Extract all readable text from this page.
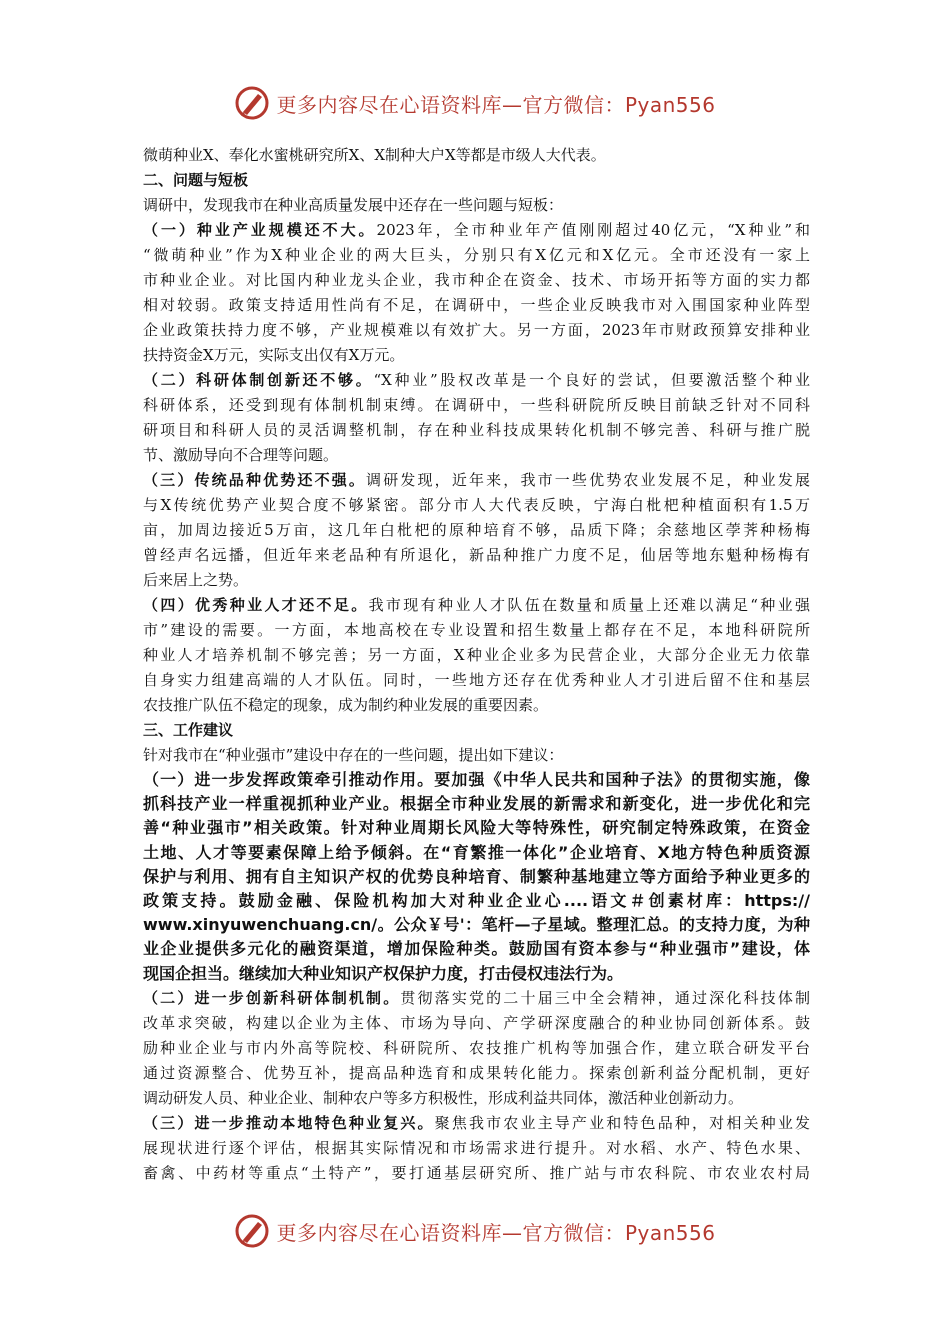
更多内容尽在心语资料库—官方微信：Pyan556
微萌种业X、奉化水蜜桃研究所X、X制种大户X等都是市级人大代表。
二、问题与短板
调研中，发现我市在种业高质量发展中还存在一些问题与短板：
（一）种业产业规模还不大。2023年，全市种业年产值刚刚超过40亿元，“X种业”和
“微萌种业”作为X种业企业的两大巨头，分别只有X亿元和X亿元。全市还没有一家上
市种业企业。对比国内种业龙头企业，我市种企在资金、技术、市场开拓等方面的实力都
相对较弱。政策支持适用性尚有不足，在调研中，一些企业反映我市对入围国家种业阵型
企业政策扶持力度不够，产业规模难以有效扩大。另一方面，2023年市财政预算安排种业
扶持资金X万元，实际支出仅有X万元。
（二）科研体制创新还不够。“X种业”股权改革是一个良好的尝试，但要激活整个种业
科研体系，还受到现有体制机制束缚。在调研中，一些科研院所反映目前缺乏针对不同科
研项目和科研人员的灵活调整机制，存在种业科技成果转化机制不够完善、科研与推广脱
节、激励导向不合理等问题。
（三）传统品种优势还不强。调研发现，近年来，我市一些优势农业发展不足，种业发展
与X传统优势产业契合度不够紧密。部分市人大代表反映，宁海白枇杷种植面积有1.5万
亩，加周边接近5万亩，这几年白枇杷的原种培育不够，品质下降；余慈地区荸荠种杨梅
曾经声名远播，但近年来老品种有所退化，新品种推广力度不足，仙居等地东魁种杨梅有
后来居上之势。
（四）优秀种业人才还不足。我市现有种业人才队伍在数量和质量上还难以满足“种业强
市”建设的需要。一方面，本地高校在专业设置和招生数量上都存在不足，本地科研院所
种业人才培养机制不够完善；另一方面，X种业企业多为民营企业，大部分企业无力依靠
自身实力组建高端的人才队伍。同时，一些地方还存在优秀种业人才引进后留不住和基层
农技推广队伍不稳定的现象，成为制约种业发展的重要因素。
三、工作建议
针对我市在“种业强市”建设中存在的一些问题，提出如下建议：
（一）进一步发挥政策牵引推动作用。要加强《中华人民共和国种子法》的贯彻实施，像
抓科技产业一样重视抓种业产业。根据全市种业发展的新需求和新变化，进一步优化和完
善“种业强市”相关政策。针对种业周期长风险大等特殊性，研究制定特殊政策，在资金
土地、人才等要素保障上给予倾斜。在“育繁推一体化”企业培育、X地方特色种质资源
保护与利用、拥有自主知识产权的优势良种培育、制繁种基地建立等方面给予种业更多的
政策支持。鼓励金融、保险机构加大对种业企业心....语文＃创素材库：https://
www.xinyuwenchuang.cn/。公众￥号'：笔杆—子星域。整理汇总。的支持力度，为种
业企业提供多元化的融资渠道，增加保险种类。鼓励国有资本参与“种业强市”建设，体
现国企担当。继续加大种业知识产权保护力度，打击侵权违法行为。
（二）进一步创新科研体制机制。贯彻落实党的二十届三中全会精神，通过深化科技体制
改革求突破，构建以企业为主体、市场为导向、产学研深度融合的种业协同创新体系。鼓
励种业企业与市内外高等院校、科研院所、农技推广机构等加强合作，建立联合研发平台
通过资源整合、优势互补，提高品种选育和成果转化能力。探索创新利益分配机制，更好
调动研发人员、种业企业、制种农户等多方积极性，形成利益共同体，激活种业创新动力。
（三）进一步推动本地特色种业复兴。聚焦我市农业主导产业和特色品种，对相关种业发
展现状进行逐个评估，根据其实际情况和市场需求进行提升。对水稻、水产、特色水果、
畜禽、中药材等重点“土特产”，要打通基层研究所、推广站与市农科院、市农业农村局
更多内容尽在心语资料库—官方微信：Pyan556
